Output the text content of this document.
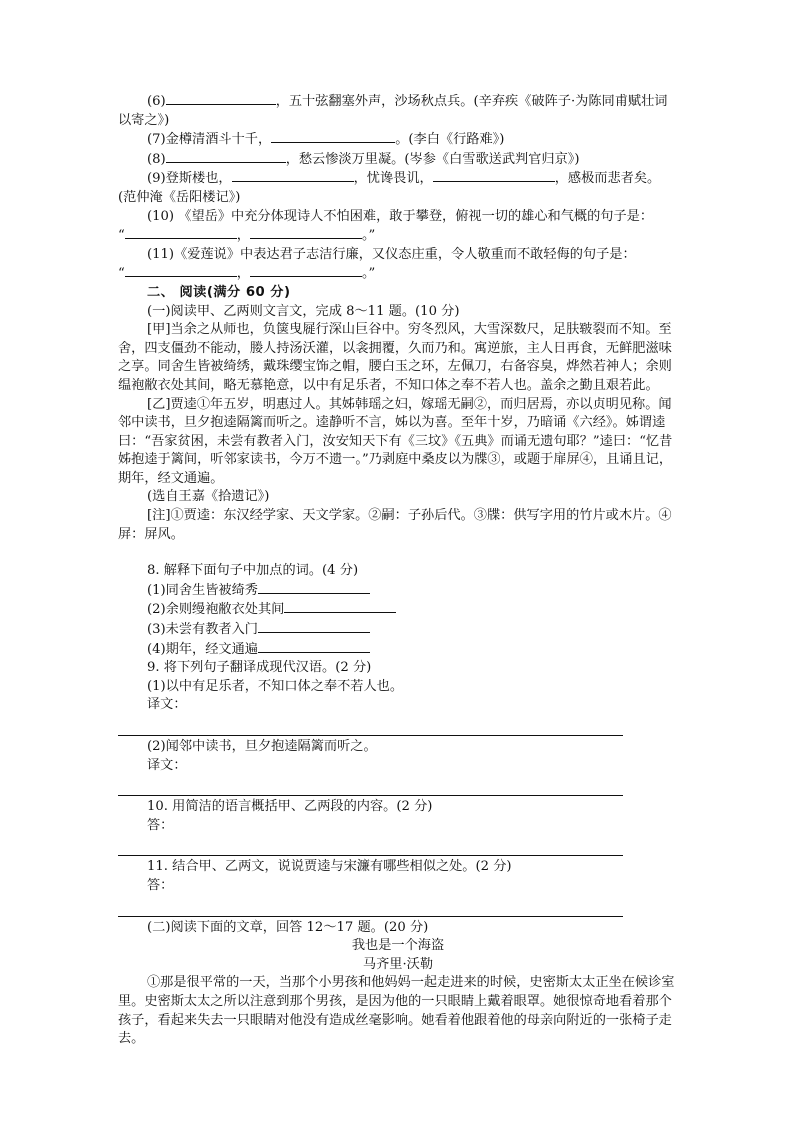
(6)	，五十弦翻塞外声，沙场秋点兵。(辛弃疾《破阵子·为陈同甫赋壮词以寄之》)

(7)金樽清酒斗十千，	。(李白《行路难》)

(8)	，愁云惨淡万里凝。(岑参《白雪歌送武判官归京》)

(9)登斯楼也，	，忧谗畏讥，	，感极而悲者矣。(范仲淹《岳阳楼记》)

(10) 《望岳》中充分体现诗人不怕困难，敢于攀登，俯视一切的雄心和气概的句子是：

“	，	。”

(11)《爱莲说》中表达君子志洁行廉，又仪态庄重，令人敬重而不敢轻侮的句子是：

“	，	。”

二、 阅读(满分 60 分)

(一)阅读甲、乙两则文言文，完成 8～11 题。(10 分)

[甲]当余之从师也，负箧曳屣行深山巨谷中。穷冬烈风，大雪深数尺，足肤皲裂而不知。至舍，四支僵劲不能动，媵人持汤沃灌，以衾拥覆，久而乃和。寓逆旅，主人日再食，无鲜肥滋味之享。同舍生皆被绮绣，戴珠缨宝饰之帽，腰白玉之环，左佩刀，右备容臭，烨然若神人；余则缊袍敝衣处其间，略无慕艳意，以中有足乐者，不知口体之奉不若人也。盖余之勤且艰若此。

[乙]贾逵①年五岁，明惠过人。其姊韩瑶之妇，嫁瑶无嗣②，而归居焉，亦以贞明见称。闻邻中读书，旦夕抱逵隔篱而听之。逵静听不言，姊以为喜。至年十岁，乃暗诵《六经》。姊谓逵曰：“吾家贫困，未尝有教者入门，汝安知天下有《三坟》《五典》而诵无遗句耶？”逵曰：“忆昔姊抱逵于篱间，听邻家读书，今万不遗一。”乃剥庭中桑皮以为牒③，或题于扉屏④，且诵且记，期年，经文通遍。

(选自王嘉《拾遗记》)

[注]①贾逵：东汉经学家、天文学家。②嗣：子孙后代。③牒：供写字用的竹片或木片。④屏：屏风。

8. 解释下面句子中加点的词。(4 分)

(1)同舍生皆被绮秀

(2)余则缦袍敝衣处其间

(3)未尝有教者入门

(4)期年，经文通遍

9. 将下列句子翻译成现代汉语。(2 分)

(1)以中有足乐者，不知口体之奉不若人也。

译文：

(2)闻邻中读书，旦夕抱逵隔篱而听之。

译文：

10. 用简洁的语言概括甲、乙两段的内容。(2 分)

答：

11. 结合甲、乙两文，说说贾逵与宋濂有哪些相似之处。(2 分)

答：

(二)阅读下面的文章，回答 12～17 题。(20 分)

我也是一个海盗

马齐里·沃勒

①那是很平常的一天，当那个小男孩和他妈妈一起走进来的时候，史密斯太太正坐在候诊室里。史密斯太太之所以注意到那个男孩，是因为他的一只眼睛上戴着眼罩。她很惊奇地看着那个孩子，看起来失去一只眼睛对他没有造成丝毫影响。她看着他跟着他的母亲向附近的一张椅子走去。
